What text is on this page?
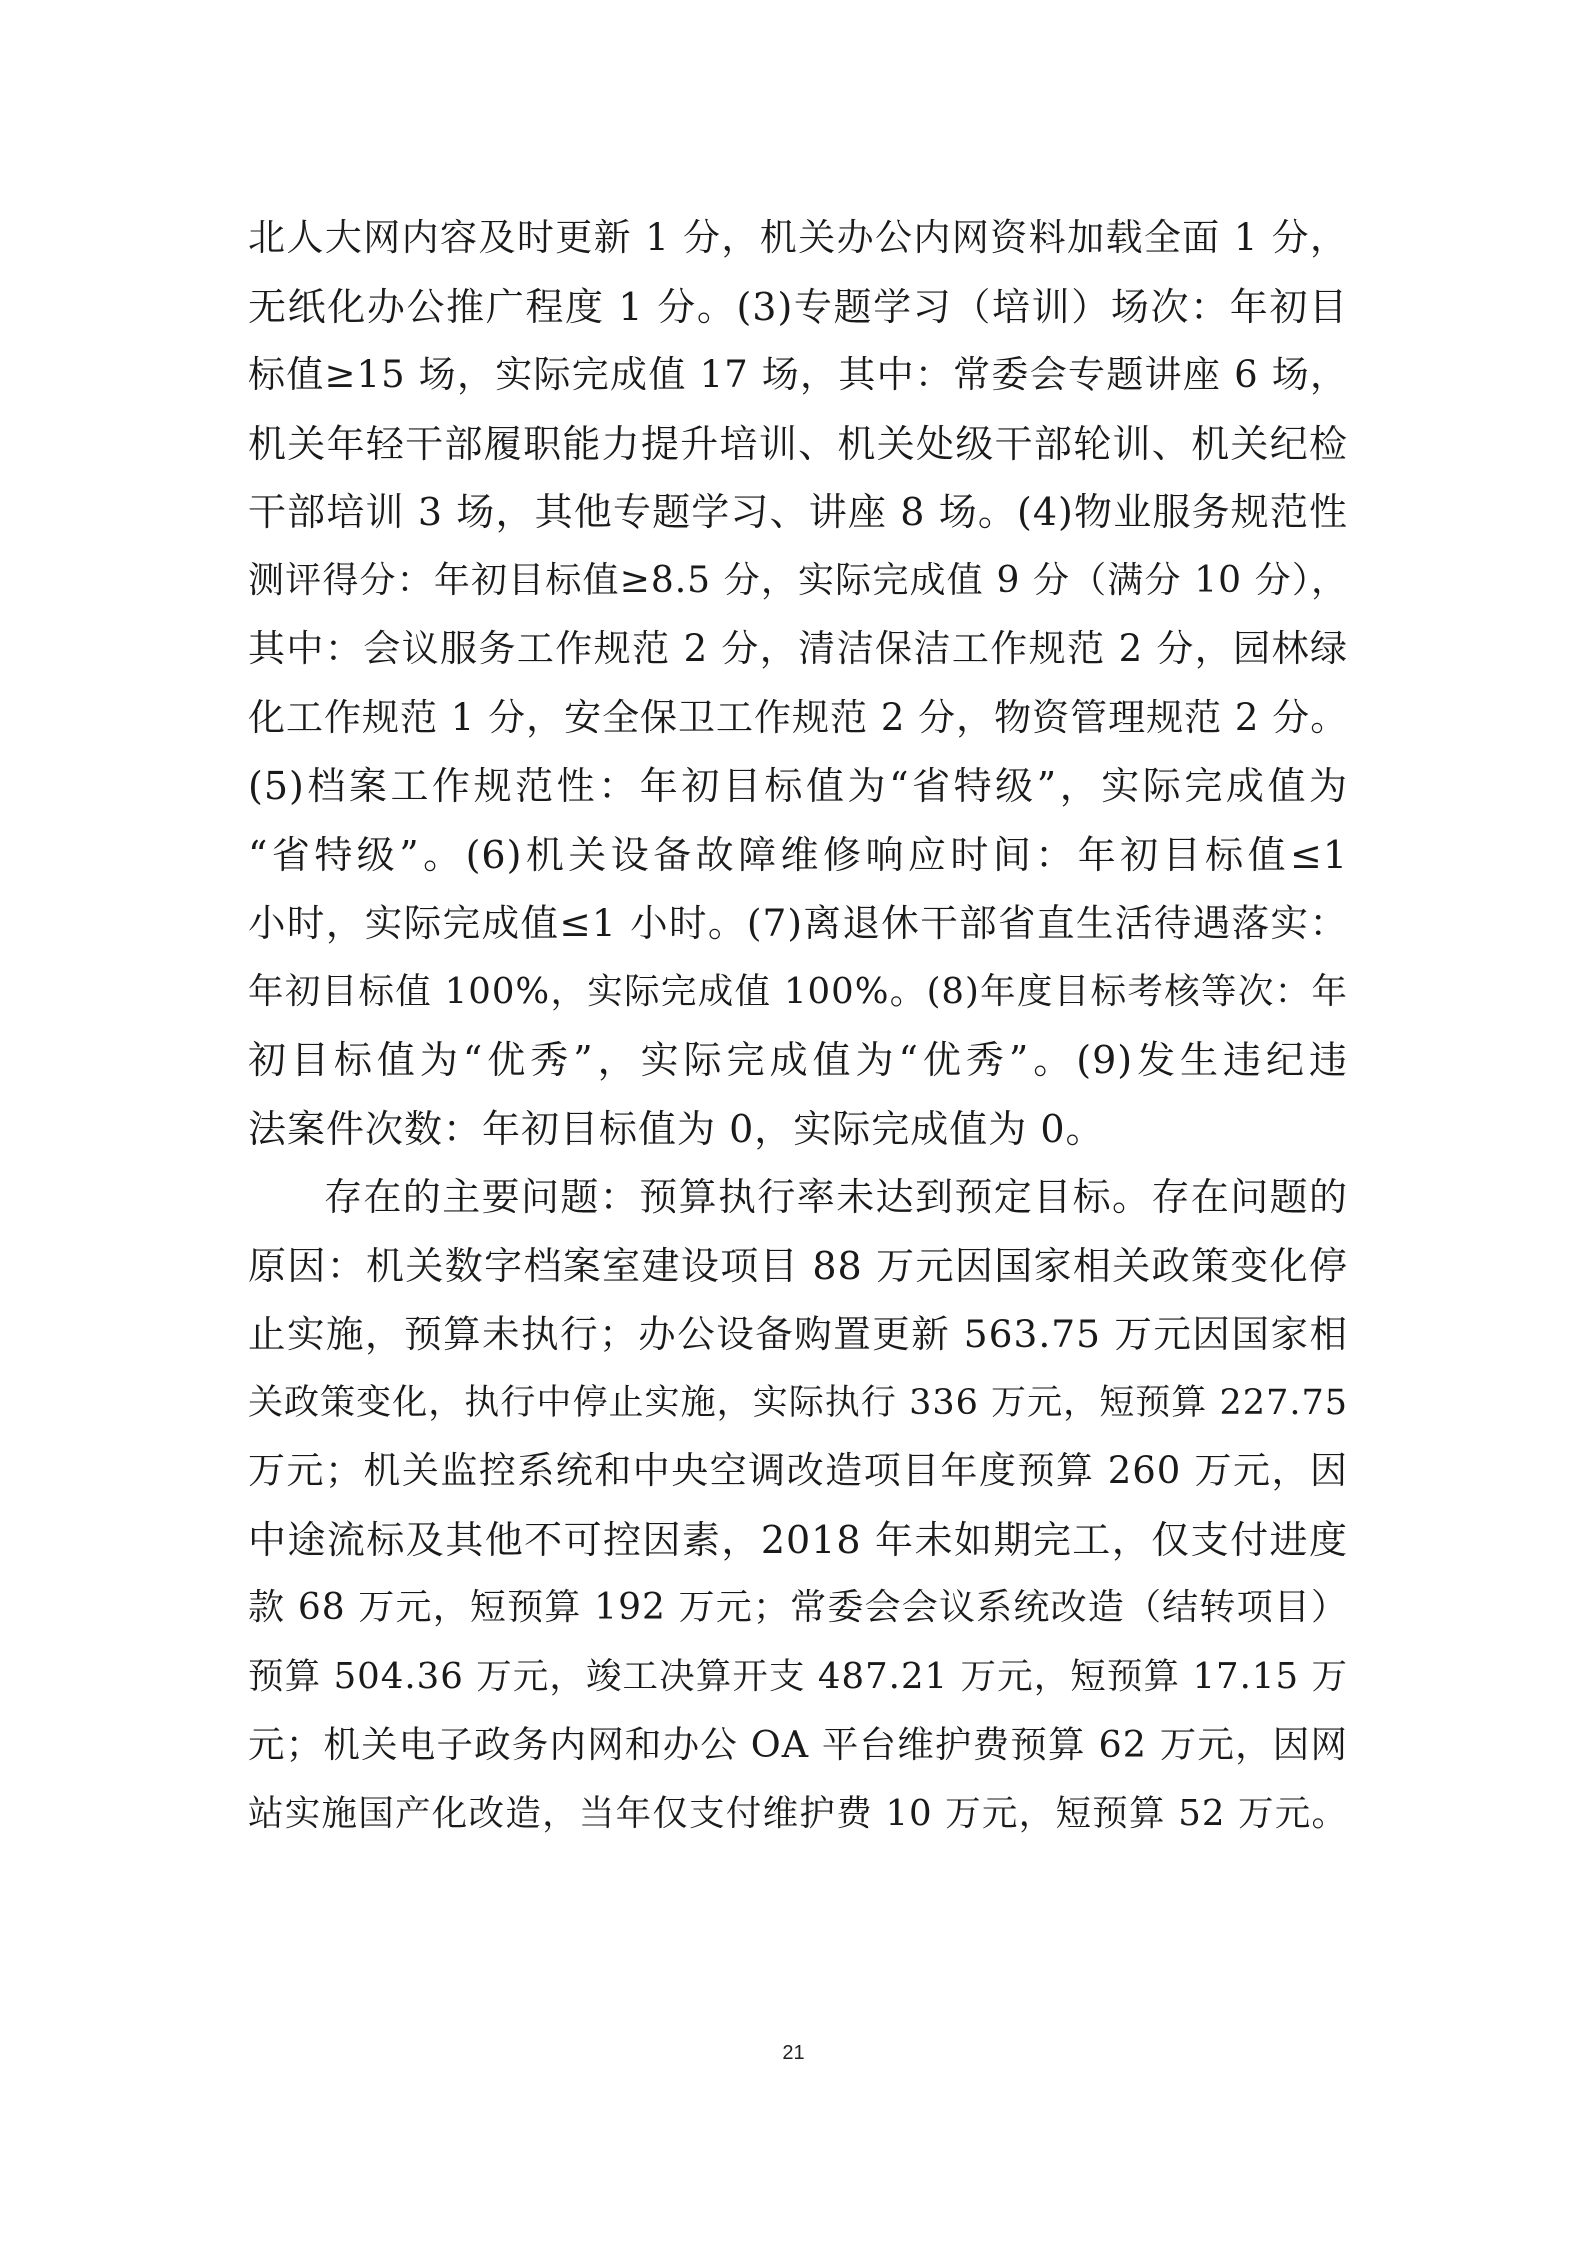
北人大网内容及时更新 1 分，机关办公内网资料加载全面 1 分，
无纸化办公推广程度 1 分。(3)专题学习（培训）场次：年初目
标值≥15 场，实际完成值 17 场，其中：常委会专题讲座 6 场，
机关年轻干部履职能力提升培训、机关处级干部轮训、机关纪检
干部培训 3 场，其他专题学习、讲座 8 场。(4)物业服务规范性
测评得分：年初目标值≥8.5 分，实际完成值 9 分（满分 10 分），
其中：会议服务工作规范 2 分，清洁保洁工作规范 2 分，园林绿
化工作规范 1 分，安全保卫工作规范 2 分，物资管理规范 2 分。
(5)档案工作规范性：年初目标值为“省特级”，实际完成值为
“省特级”。(6)机关设备故障维修响应时间：年初目标值≤1
小时，实际完成值≤1 小时。(7)离退休干部省直生活待遇落实：
年初目标值 100%，实际完成值 100%。(8)年度目标考核等次：年
初目标值为“优秀”，实际完成值为“优秀”。(9)发生违纪违
法案件次数：年初目标值为 0，实际完成值为 0。
存在的主要问题：预算执行率未达到预定目标。存在问题的
原因：机关数字档案室建设项目 88 万元因国家相关政策变化停
止实施，预算未执行；办公设备购置更新 563.75 万元因国家相
关政策变化，执行中停止实施，实际执行 336 万元，短预算 227.75
万元；机关监控系统和中央空调改造项目年度预算 260 万元，因
中途流标及其他不可控因素，2018 年未如期完工，仅支付进度
款 68 万元，短预算 192 万元；常委会会议系统改造（结转项目）
预算 504.36 万元，竣工决算开支 487.21 万元，短预算 17.15 万
元；机关电子政务内网和办公 OA 平台维护费预算 62 万元，因网
站实施国产化改造，当年仅支付维护费 10 万元，短预算 52 万元。
21
